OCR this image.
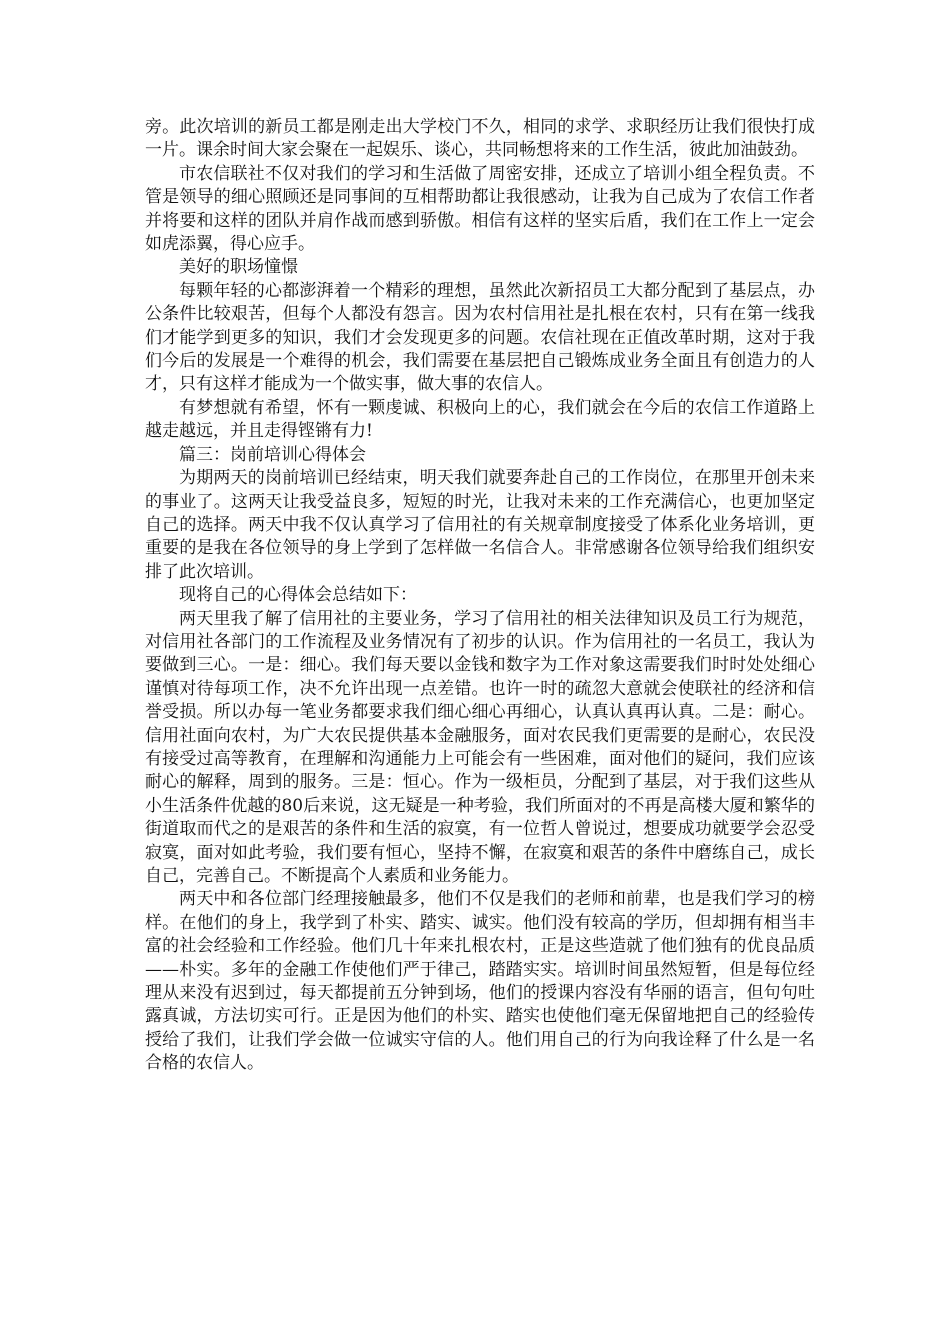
旁。此次培训的新员工都是刚走出大学校门不久，相同的求学、求职经历让我们很快打成一片。课余时间大家会聚在一起娱乐、谈心，共同畅想将来的工作生活，彼此加油鼓劲。

市农信联社不仅对我们的学习和生活做了周密安排，还成立了培训小组全程负责。不管是领导的细心照顾还是同事间的互相帮助都让我很感动，让我为自己成为了农信工作者并将要和这样的团队并肩作战而感到骄傲。相信有这样的坚实后盾，我们在工作上一定会如虎添翼，得心应手。

美好的职场憧憬

每颗年轻的心都澎湃着一个精彩的理想，虽然此次新招员工大都分配到了基层点，办公条件比较艰苦，但每个人都没有怨言。因为农村信用社是扎根在农村，只有在第一线我们才能学到更多的知识，我们才会发现更多的问题。农信社现在正值改革时期，这对于我们今后的发展是一个难得的机会，我们需要在基层把自己锻炼成业务全面且有创造力的人才，只有这样才能成为一个做实事，做大事的农信人。

有梦想就有希望，怀有一颗虔诚、积极向上的心，我们就会在今后的农信工作道路上越走越远，并且走得铿锵有力!

篇三：岗前培训心得体会

为期两天的岗前培训已经结束，明天我们就要奔赴自己的工作岗位，在那里开创未来的事业了。这两天让我受益良多，短短的时光，让我对未来的工作充满信心，也更加坚定自己的选择。两天中我不仅认真学习了信用社的有关规章制度接受了体系化业务培训，更重要的是我在各位领导的身上学到了怎样做一名信合人。非常感谢各位领导给我们组织安排了此次培训。

现将自己的心得体会总结如下：

两天里我了解了信用社的主要业务，学习了信用社的相关法律知识及员工行为规范，对信用社各部门的工作流程及业务情况有了初步的认识。作为信用社的一名员工，我认为要做到三心。一是：细心。我们每天要以金钱和数字为工作对象这需要我们时时处处细心谨慎对待每项工作，决不允许出现一点差错。也许一时的疏忽大意就会使联社的经济和信誉受损。所以办每一笔业务都要求我们细心细心再细心，认真认真再认真。二是：耐心。信用社面向农村，为广大农民提供基本金融服务，面对农民我们更需要的是耐心，农民没有接受过高等教育，在理解和沟通能力上可能会有一些困难，面对他们的疑问，我们应该耐心的解释，周到的服务。三是：恒心。作为一级柜员，分配到了基层，对于我们这些从小生活条件优越的80后来说，这无疑是一种考验，我们所面对的不再是高楼大厦和繁华的街道取而代之的是艰苦的条件和生活的寂寞，有一位哲人曾说过，想要成功就要学会忍受寂寞，面对如此考验，我们要有恒心，坚持不懈，在寂寞和艰苦的条件中磨练自己，成长自己，完善自己。不断提高个人素质和业务能力。

两天中和各位部门经理接触最多，他们不仅是我们的老师和前辈，也是我们学习的榜样。在他们的身上，我学到了朴实、踏实、诚实。他们没有较高的学历，但却拥有相当丰富的社会经验和工作经验。他们几十年来扎根农村，正是这些造就了他们独有的优良品质——朴实。多年的金融工作使他们严于律己，踏踏实实。培训时间虽然短暂，但是每位经理从来没有迟到过，每天都提前五分钟到场，他们的授课内容没有华丽的语言，但句句吐露真诚，方法切实可行。正是因为他们的朴实、踏实也使他们毫无保留地把自己的经验传授给了我们，让我们学会做一位诚实守信的人。他们用自己的行为向我诠释了什么是一名合格的农信人。
